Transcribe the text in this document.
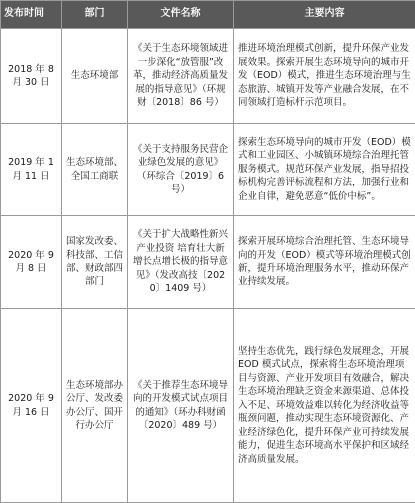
发布时间	部门	文件名称	主要内容
2018 年 8 月 30 日	生态环境部	《关于生态环境领域进一步深化“放管服”改革，推动经济高质量发展的指导意见》（环规财〔2018〕86 号）	推进环境治理模式创新，提升环保产业发展效果。探索开展生态环境导向的城市开发（EOD）模式，推进生态环境治理与生态旅游、城镇开发等产业融合发展，在不同领域打造标杆示范项目。
2019 年 1 月 11 日	生态环境部、全国工商联	《关于支持服务民营企业绿色发展的意见》（环综合〔2019〕6 号）	探索生态环境导向的城市开发（EOD）模式和工业园区、小城镇环境综合治理托管服务模式。规范环保产业发展，指导招投标机构完善评标流程和方法，加强行业和企业自律，避免恶意“低价中标”。
2020 年 9 月 8 日	国家发改委、科技部、工信部、财政部四部门	《关于扩大战略性新兴产业投资 培育壮大新增长点增长极的指导意见》（发改高技〔2020〕1409 号）	探索开展环境综合治理托管、生态环境导向的开发（EOD）模式等环境治理模式创新，提升环境治理服务水平，推动环保产业持续发展。
2020 年 9 月 16 日	生态环境部办公厅、发改委办公厅、国开行办公厅	《关于推荐生态环境导向的开发模式试点项目的通知》（环办科财函〔2020〕489 号）	坚持生态优先，践行绿色发展理念，开展 EOD 模式试点，探索将生态环境治理项目与资源、产业开发项目有效融合，解决生态环境治理缺乏资金来源渠道、总体投入不足、环境效益难以转化为经济收益等瓶颈问题，推动实现生态环境资源化、产业经济绿色化，提升环保产业可持续发展能力，促进生态环境高水平保护和区域经济高质量发展。
